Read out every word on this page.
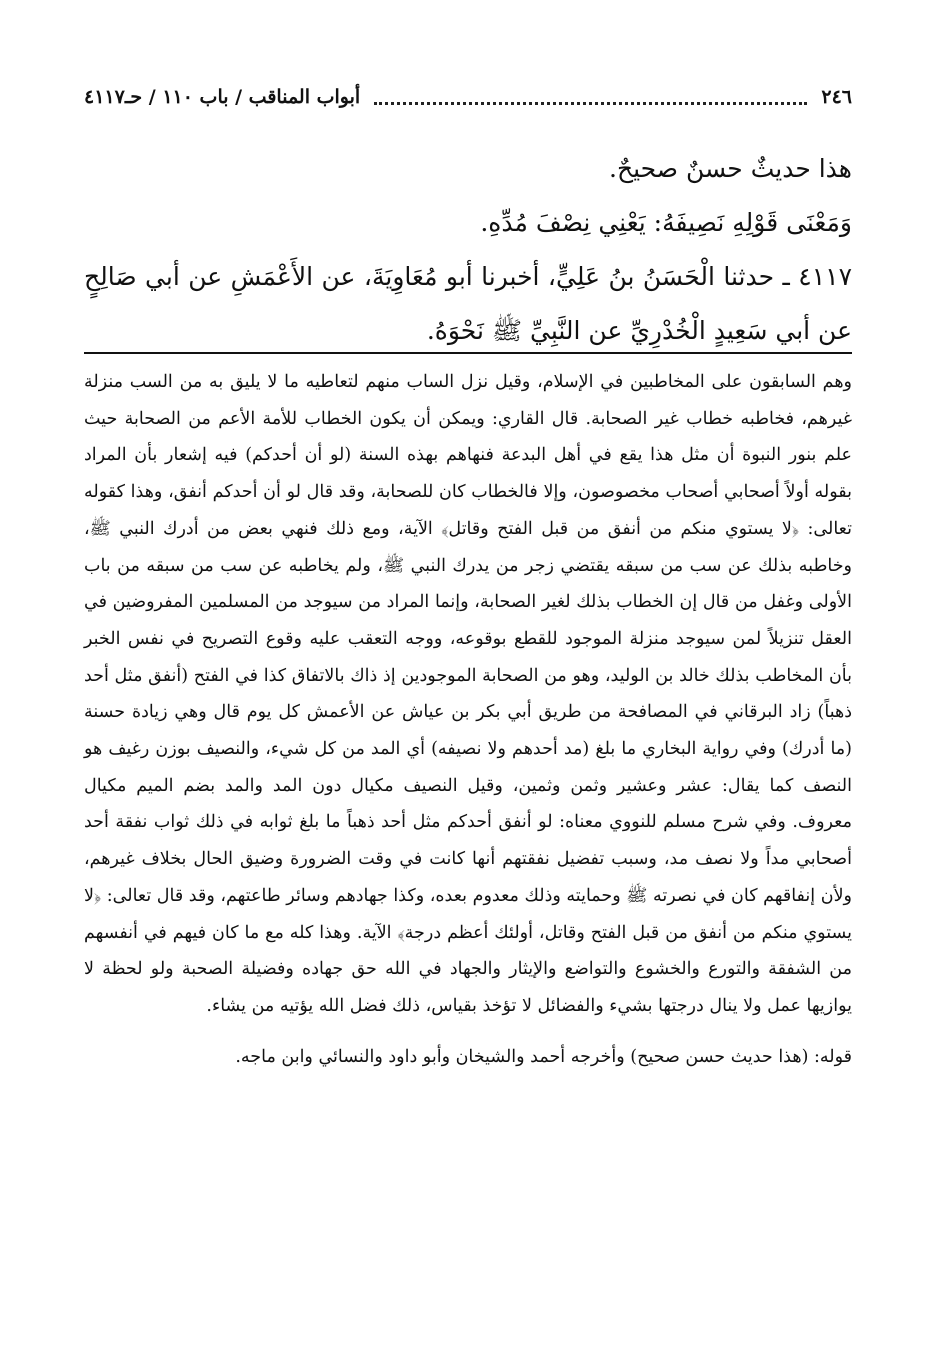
٢٤٦
أبواب المناقب / باب ١١٠ / حـ٤١١٧

هذا حديثٌ حسنٌ صحيحٌ.

وَمَعْنَى قَوْلِهِ نَصِيفَهُ: يَعْنِي نِصْفَ مُدِّهِ.

٤١١٧ ـ حدثنا الْحَسَنُ بنُ عَلِيٍّ، أخبرنا أبو مُعَاوِيَةَ، عن الأَعْمَشِ عن أبي صَالِحٍ عن أبي سَعِيدٍ الْخُدْرِيِّ عن النَّبِيِّ ﷺ نَحْوَهُ.

وهم السابقون على المخاطبين في الإسلام، وقيل نزل الساب منهم لتعاطيه ما لا يليق به من السب منزلة غيرهم، فخاطبه خطاب غير الصحابة. قال القاري: ويمكن أن يكون الخطاب للأمة الأعم من الصحابة حيث علم بنور النبوة أن مثل هذا يقع في أهل البدعة فنهاهم بهذه السنة (لو أن أحدكم) فيه إشعار بأن المراد بقوله أولاً أصحابي أصحاب مخصوصون، وإلا فالخطاب كان للصحابة، وقد قال لو أن أحدكم أنفق، وهذا كقوله تعالى: ﴿لا يستوي منكم من أنفق من قبل الفتح وقاتل﴾ الآية، ومع ذلك فنهي بعض من أدرك النبي ﷺ، وخاطبه بذلك عن سب من سبقه يقتضي زجر من يدرك النبي ﷺ، ولم يخاطبه عن سب من سبقه من باب الأولى وغفل من قال إن الخطاب بذلك لغير الصحابة، وإنما المراد من سيوجد من المسلمين المفروضين في العقل تنزيلاً لمن سيوجد منزلة الموجود للقطع بوقوعه، ووجه التعقب عليه وقوع التصريح في نفس الخبر بأن المخاطب بذلك خالد بن الوليد، وهو من الصحابة الموجودين إذ ذاك بالاتفاق كذا في الفتح (أنفق مثل أحد ذهباً) زاد البرقاني في المصافحة من طريق أبي بكر بن عياش عن الأعمش كل يوم قال وهي زيادة حسنة (ما أدرك) وفي رواية البخاري ما بلغ (مد أحدهم ولا نصيفه) أي المد من كل شيء، والنصيف بوزن رغيف هو النصف كما يقال: عشر وعشير وثمن وثمين، وقيل النصيف مكيال دون المد والمد بضم الميم مكيال معروف. وفي شرح مسلم للنووي معناه: لو أنفق أحدكم مثل أحد ذهباً ما بلغ ثوابه في ذلك ثواب نفقة أحد أصحابي مداً ولا نصف مد، وسبب تفضيل نفقتهم أنها كانت في وقت الضرورة وضيق الحال بخلاف غيرهم، ولأن إنفاقهم كان في نصرته ﷺ وحمايته وذلك معدوم بعده، وكذا جهادهم وسائر طاعتهم، وقد قال تعالى: ﴿لا يستوي منكم من أنفق من قبل الفتح وقاتل، أولئك أعظم درجة﴾ الآية. وهذا كله مع ما كان فيهم في أنفسهم من الشفقة والتورع والخشوع والتواضع والإيثار والجهاد في الله حق جهاده وفضيلة الصحبة ولو لحظة لا يوازيها عمل ولا ينال درجتها بشيء والفضائل لا تؤخذ بقياس، ذلك فضل الله يؤتيه من يشاء.

قوله: (هذا حديث حسن صحيح) وأخرجه أحمد والشيخان وأبو داود والنسائي وابن ماجه.
